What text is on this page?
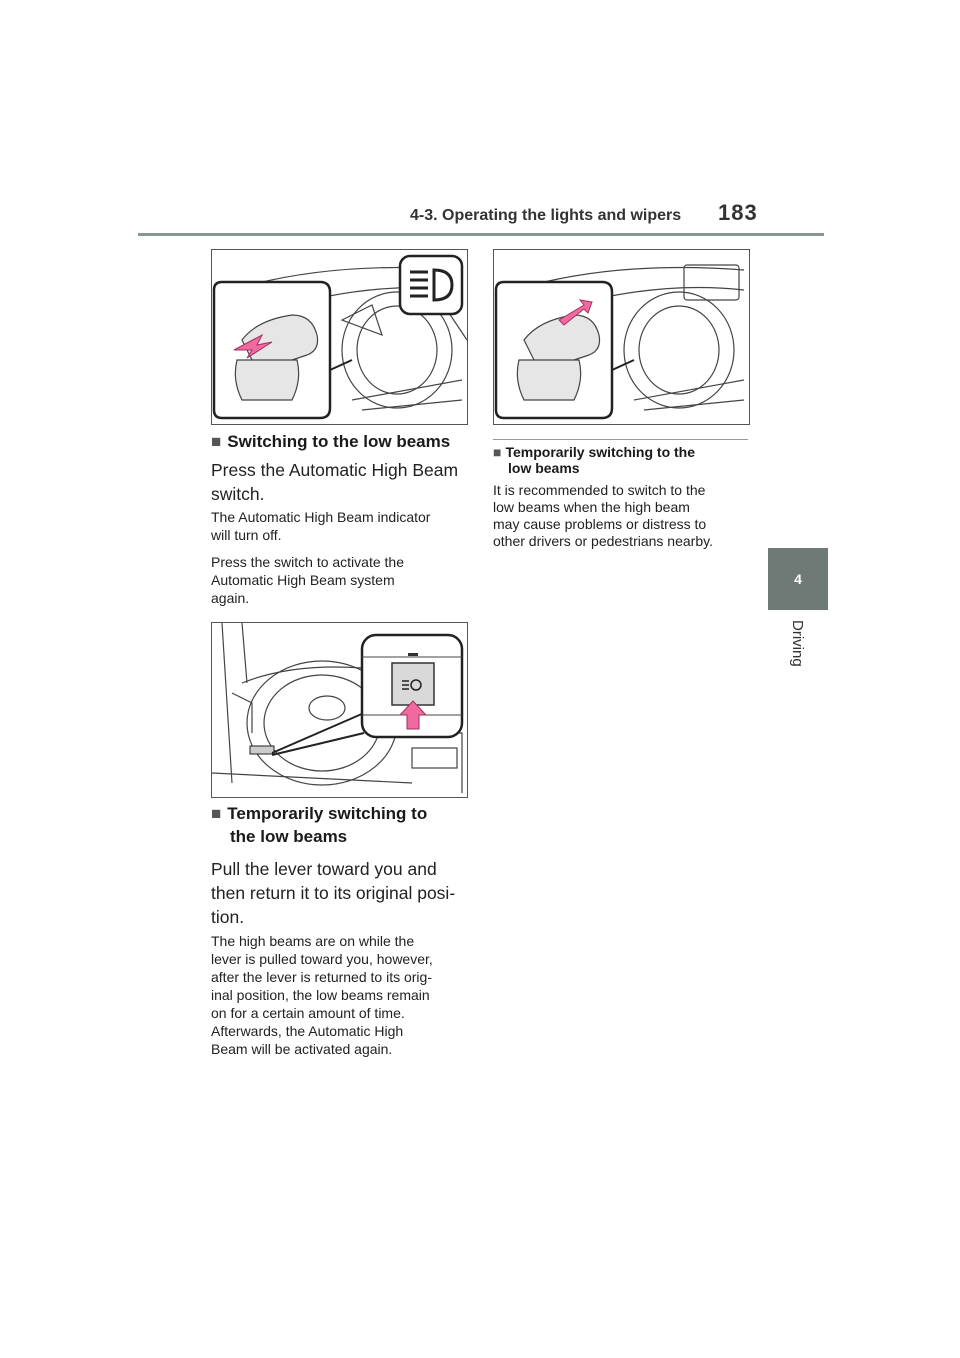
4-3. Operating the lights and wipers 183
4
Driving
■ Switching to the low beams
Press the Automatic High Beam
switch.
The Automatic High Beam indicator
will turn off.
Press the switch to activate the
Automatic High Beam system
again.
■ Temporarily switching to
the low beams
Pull the lever toward you and
then return it to its original posi-
tion.
The high beams are on while the
lever is pulled toward you, however,
after the lever is returned to its orig-
inal position, the low beams remain
on for a certain amount of time.
Afterwards, the Automatic High
Beam will be activated again.
■ Temporarily switching to the
low beams
It is recommended to switch to the
low beams when the high beam
may cause problems or distress to
other drivers or pedestrians nearby.
